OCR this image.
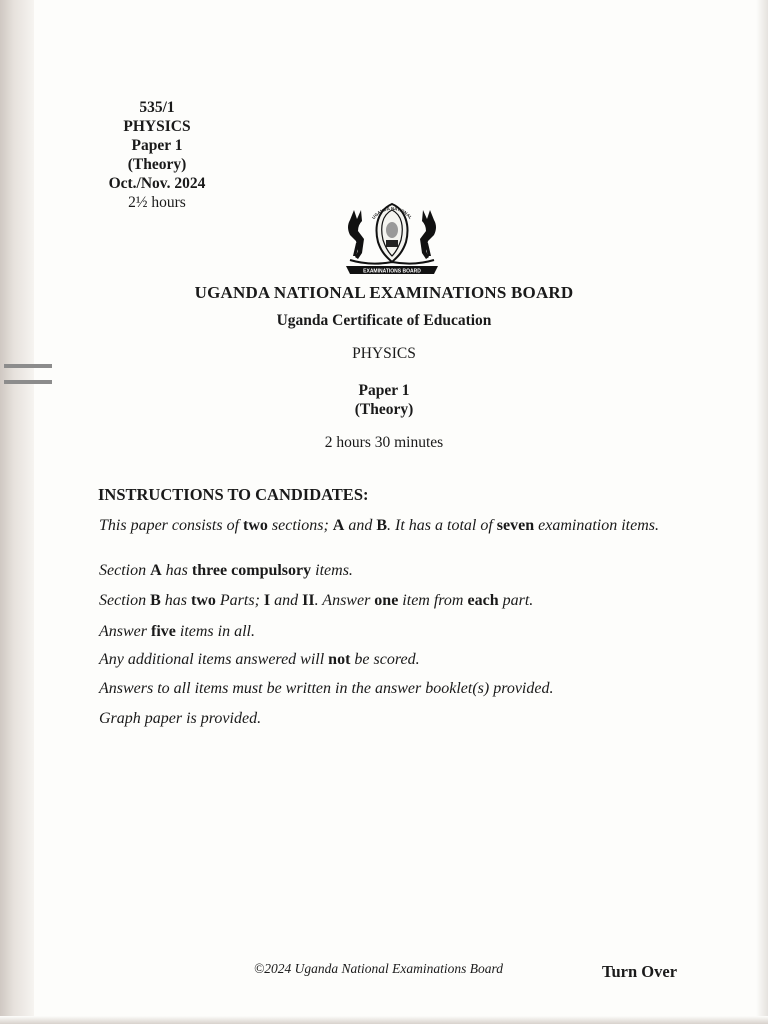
535/1
PHYSICS
Paper 1
(Theory)
Oct./Nov. 2024
2½ hours
UGANDA NATIONAL
EXAMINATIONS BOARD
UGANDA NATIONAL EXAMINATIONS BOARD
Uganda Certificate of Education
PHYSICS
Paper 1
(Theory)
2 hours 30 minutes
INSTRUCTIONS TO CANDIDATES:
This paper consists of two sections; A and B. It has a total of seven examination items.
Section A has three compulsory items.
Section B has two Parts; I and II. Answer one item from each part.
Answer five items in all.
Any additional items answered will not be scored.
Answers to all items must be written in the answer booklet(s) provided.
Graph paper is provided.
©2024 Uganda National Examinations Board	Turn Over
